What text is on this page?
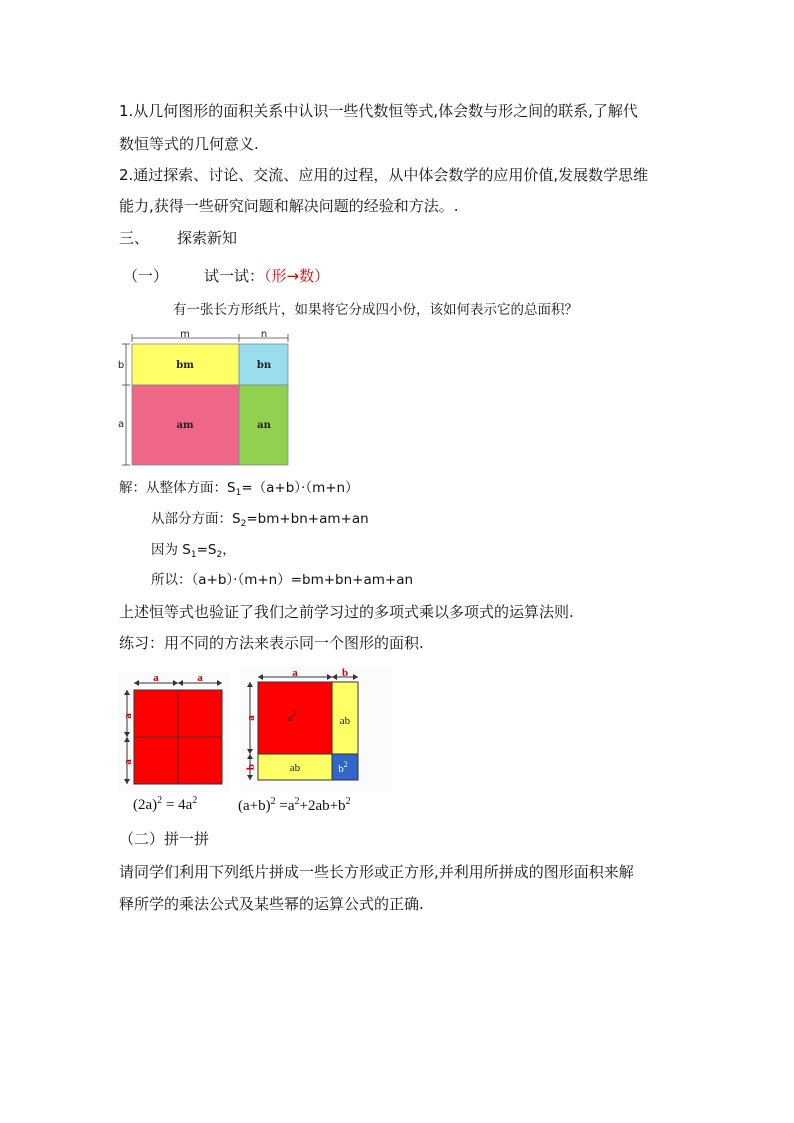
1.从几何图形的面积关系中认识一些代数恒等式,体会数与形之间的联系,了解代
数恒等式的几何意义.
2.通过探索、讨论、交流、应用的过程，从中体会数学的应用价值,发展数学思维
能力,获得一些研究问题和解决问题的经验和方法。.
三、 探索新知
（一） 试一试：（形→数）
有一张长方形纸片，如果将它分成四小份，该如何表示它的总面积？
m	n
b
a
bm	bn
am	an
解：从整体方面：$S_1=(a+b)\cdot(m+n)$
从部分方面：$S_2=bm+bn+am+an$
因为 $S_1=S_2$，
所以：（a+b）·（m+n）=bm+bn+am+an
上述恒等式也验证了我们之前学习过的多项式乘以多项式的运算法则.
练习：用不同的方法来表示同一个图形的面积.
a	a
a
a
$(2a)^2 = 4a^2$
a	b
a
b
$a^2$
ab
ab	$b^2$
$(a+b)^2 =a^2+2ab+b^2$
（二）拼一拼
请同学们利用下列纸片拼成一些长方形或正方形,并利用所拼成的图形面积来解
释所学的乘法公式及某些幂的运算公式的正确.
